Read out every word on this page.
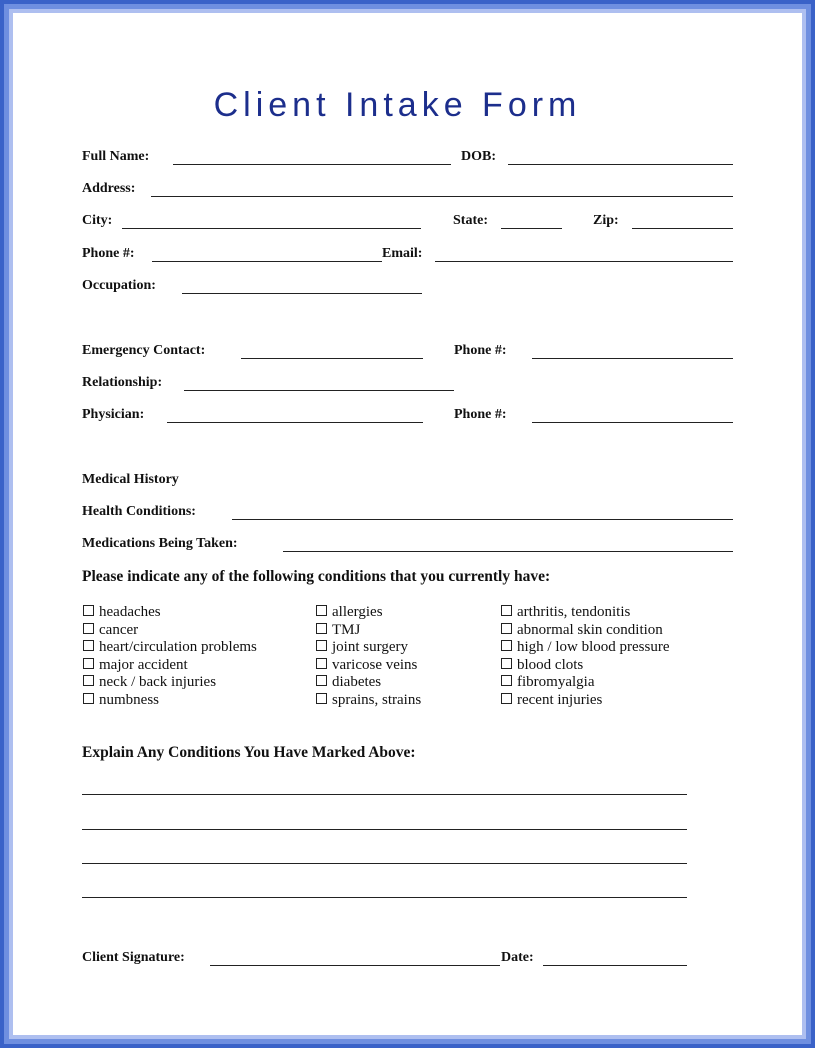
Client Intake Form
Full Name:	DOB:
Address:
City:	State:	Zip:
Phone #:	Email:
Occupation:
Emergency Contact:	Phone #:
Relationship:
Physician:	Phone #:
Medical History
Health Conditions:
Medications Being Taken:
Please indicate any of the following conditions that you currently have:
headaches
cancer
heart/circulation problems
major accident
neck / back injuries
numbness
allergies
TMJ
joint surgery
varicose veins
diabetes
sprains, strains
arthritis, tendonitis
abnormal skin condition
high / low blood pressure
blood clots
fibromyalgia
recent injuries
Explain Any Conditions You Have Marked Above:
Client Signature:	Date:
